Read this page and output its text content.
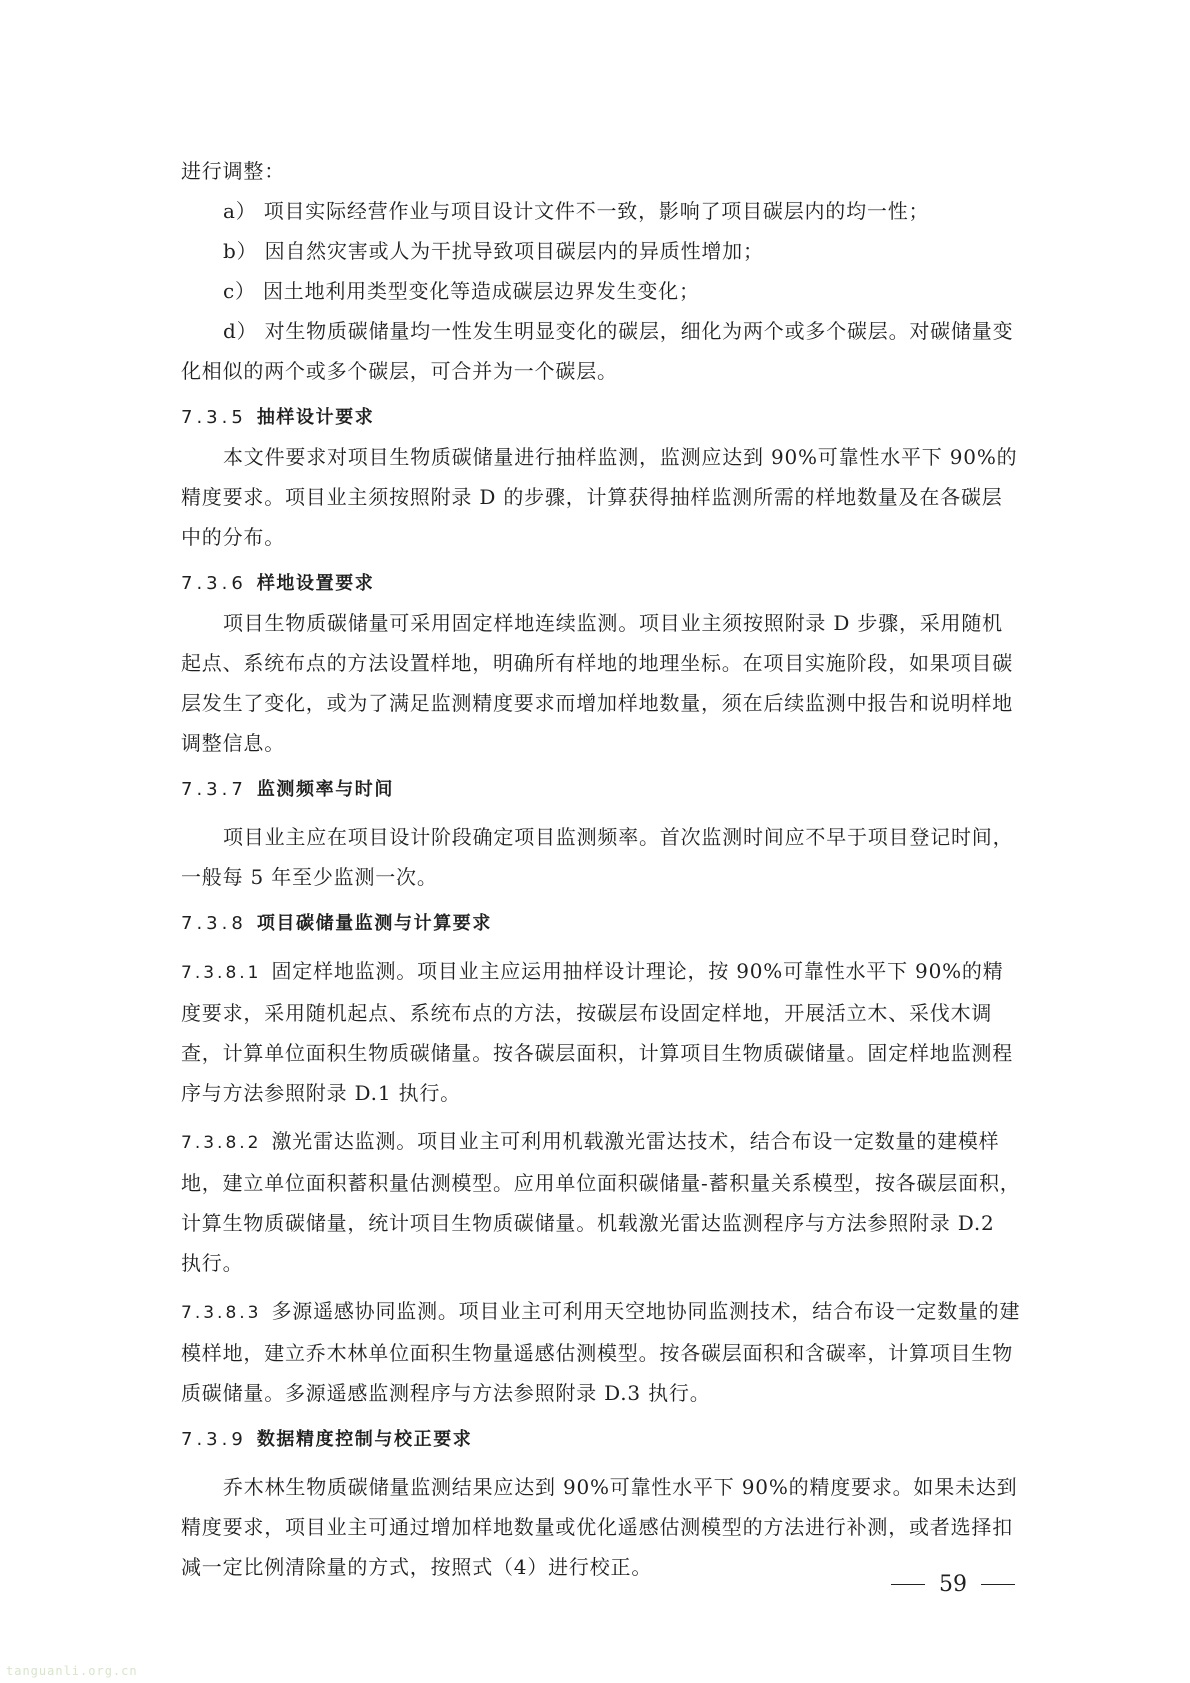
进行调整：

a） 项目实际经营作业与项目设计文件不一致，影响了项目碳层内的均一性；

b） 因自然灾害或人为干扰导致项目碳层内的异质性增加；

c） 因土地利用类型变化等造成碳层边界发生变化；

d） 对生物质碳储量均一性发生明显变化的碳层，细化为两个或多个碳层。对碳储量变化相似的两个或多个碳层，可合并为一个碳层。

7.3.5 抽样设计要求

本文件要求对项目生物质碳储量进行抽样监测，监测应达到 90%可靠性水平下 90%的精度要求。项目业主须按照附录 D 的步骤，计算获得抽样监测所需的样地数量及在各碳层中的分布。

7.3.6 样地设置要求

项目生物质碳储量可采用固定样地连续监测。项目业主须按照附录 D 步骤，采用随机起点、系统布点的方法设置样地，明确所有样地的地理坐标。在项目实施阶段，如果项目碳层发生了变化，或为了满足监测精度要求而增加样地数量，须在后续监测中报告和说明样地调整信息。

7.3.7 监测频率与时间

项目业主应在项目设计阶段确定项目监测频率。首次监测时间应不早于项目登记时间，一般每 5 年至少监测一次。

7.3.8 项目碳储量监测与计算要求

7.3.8.1 固定样地监测。项目业主应运用抽样设计理论，按 90%可靠性水平下 90%的精度要求，采用随机起点、系统布点的方法，按碳层布设固定样地，开展活立木、采伐木调查，计算单位面积生物质碳储量。按各碳层面积，计算项目生物质碳储量。固定样地监测程序与方法参照附录 D.1 执行。

7.3.8.2 激光雷达监测。项目业主可利用机载激光雷达技术，结合布设一定数量的建模样地，建立单位面积蓄积量估测模型。应用单位面积碳储量-蓄积量关系模型，按各碳层面积，计算生物质碳储量，统计项目生物质碳储量。机载激光雷达监测程序与方法参照附录 D.2 执行。

7.3.8.3 多源遥感协同监测。项目业主可利用天空地协同监测技术，结合布设一定数量的建模样地，建立乔木林单位面积生物量遥感估测模型。按各碳层面积和含碳率，计算项目生物质碳储量。多源遥感监测程序与方法参照附录 D.3 执行。

7.3.9 数据精度控制与校正要求

乔木林生物质碳储量监测结果应达到 90%可靠性水平下 90%的精度要求。如果未达到精度要求，项目业主可通过增加样地数量或优化遥感估测模型的方法进行补测，或者选择扣减一定比例清除量的方式，按照式（4）进行校正。

59
tanguanli.org.cn
